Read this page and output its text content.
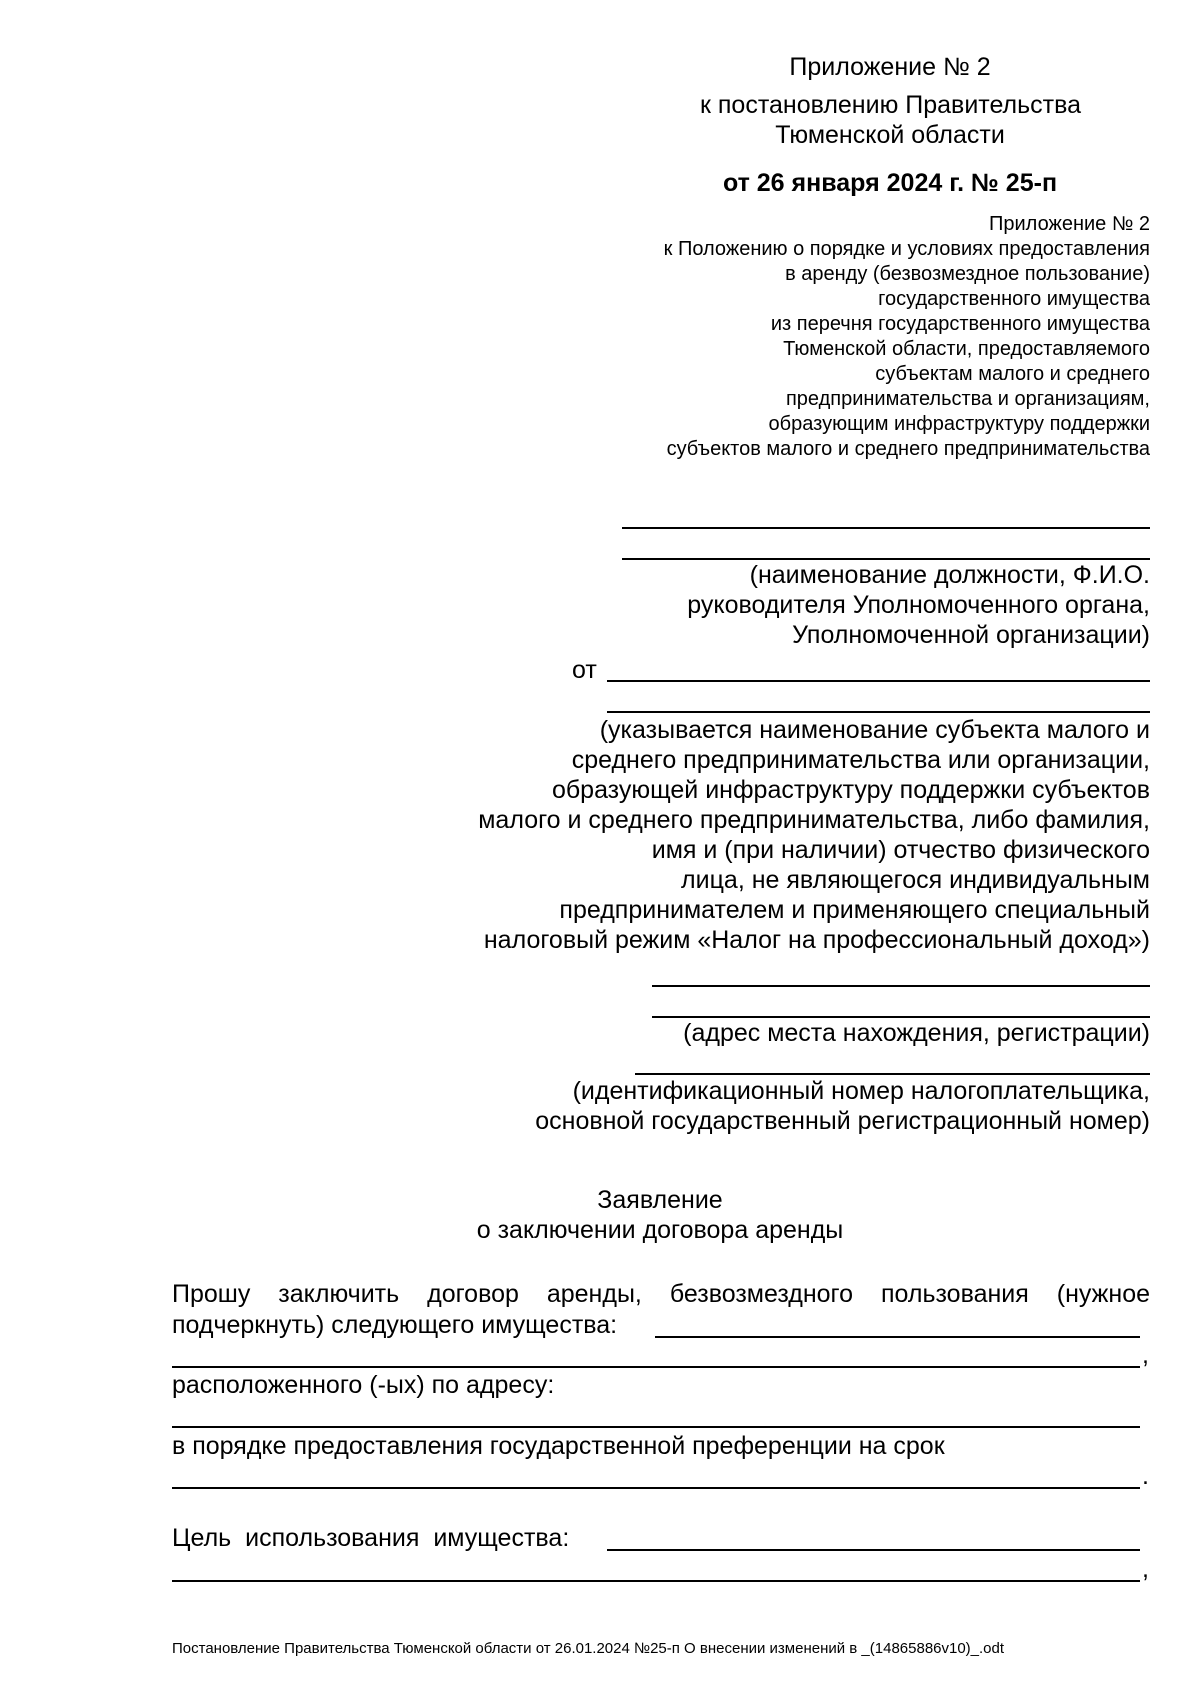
Приложение № 2
к постановлению Правительства
Тюменской области
от 26 января 2024 г. № 25-п
Приложение № 2
к Положению о порядке и условиях предоставления
в аренду (безвозмездное пользование)
государственного имущества
из перечня государственного имущества
Тюменской области, предоставляемого
субъектам малого и среднего
предпринимательства и организациям,
образующим инфраструктуру поддержки
субъектов малого и среднего предпринимательства
(наименование должности, Ф.И.О.
руководителя Уполномоченного органа,
Уполномоченной организации)
от
(указывается наименование субъекта малого и
среднего предпринимательства или организации,
образующей инфраструктуру поддержки субъектов
малого и среднего предпринимательства, либо фамилия,
имя и (при наличии) отчество физического
лица, не являющегося индивидуальным
предпринимателем и применяющего специальный
налоговый режим «Налог на профессиональный доход»)
(адрес места нахождения, регистрации)
(идентификационный номер налогоплательщика,
основной государственный регистрационный номер)
Заявление
о заключении договора аренды
Прошу заключить договор аренды, безвозмездного пользования (нужное
подчеркнуть) следующего имущества:
,
расположенного (-ых) по адресу:
в порядке предоставления государственной преференции на срок
.
Цель использования имущества:
,
Постановление Правительства Тюменской области от 26.01.2024 №25-п О внесении изменений в _(14865886v10)_.odt
